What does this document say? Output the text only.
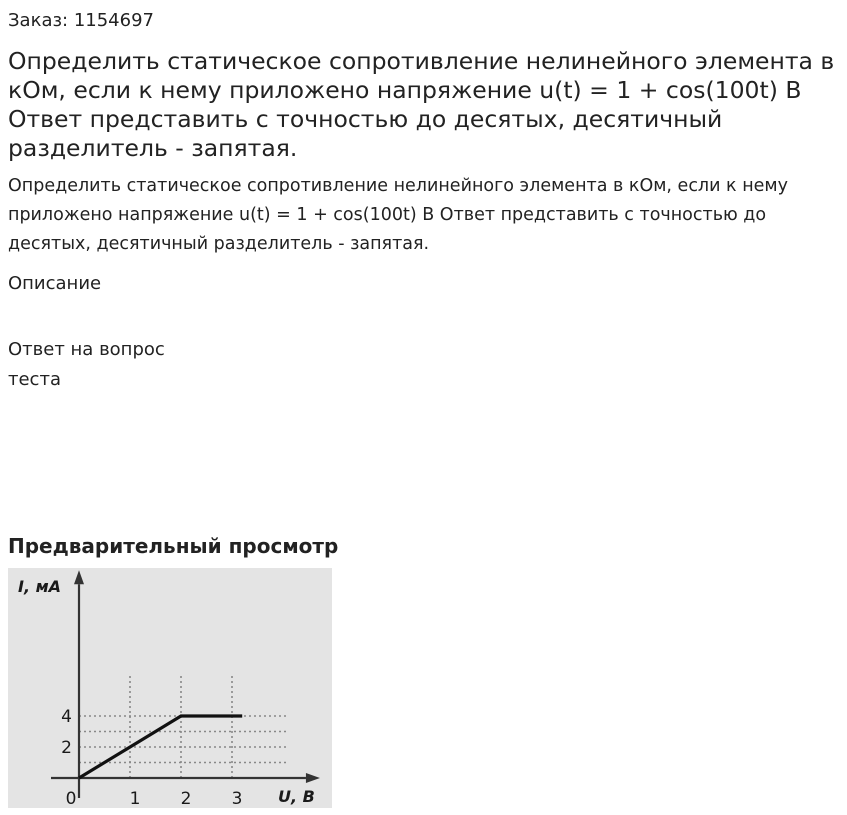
Заказ: 1154697
Определить статическое сопротивление нелинейного элемента в кОм, если к нему приложено напряжение u(t) = 1 + cos(100t) В Ответ представить с точностью до десятых, десятичный разделитель - запятая.

Определить статическое сопротивление нелинейного элемента в кОм, если к нему приложено напряжение u(t) = 1 + cos(100t) В Ответ представить с точностью до десятых, десятичный разделитель - запятая.

Описание

Ответ на вопрос теста

Предварительный просмотр
0	1 2 3
2
4
I, мА
U, B
